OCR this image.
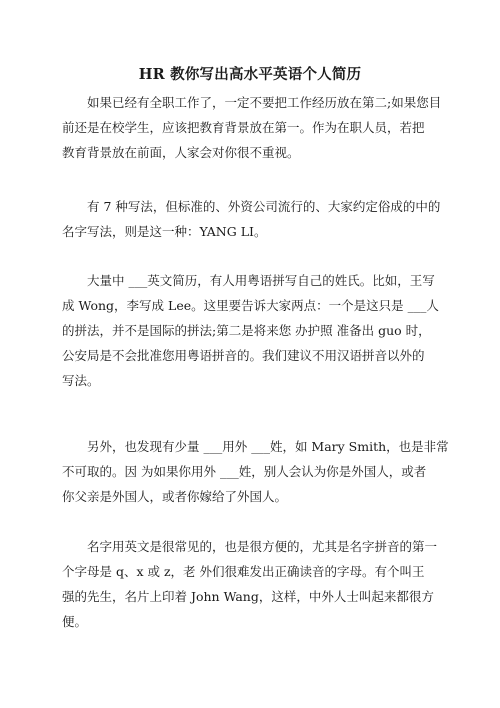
HR 教你写出高水平英语个人简历
　　如果已经有全职工作了，一定不要把工作经历放在第二;如果您目
前还是在校学生，应该把教育背景放在第一。作为在职人员，若把
教育背景放在前面，人家会对你很不重视。
　　有 7 种写法，但标准的、外资公司流行的、大家约定俗成的中的
名字写法，则是这一种：YANG LI。
　　大量中 ___英文简历，有人用粤语拼写自己的姓氏。比如，王写
成 Wong，李写成 Lee。这里要告诉大家两点：一个是这只是 ___人
的拼法，并不是国际的拼法;第二是将来您 办护照 准备出 guo 时，
公安局是不会批准您用粤语拼音的。我们建议不用汉语拼音以外的
写法。
　　另外，也发现有少量 ___用外 ___姓，如 Mary Smith，也是非常
不可取的。因 为如果你用外 ___姓，别人会认为你是外国人，或者
你父亲是外国人，或者你嫁给了外国人。
　　名字用英文是很常见的，也是很方便的，尤其是名字拼音的第一
个字母是 q、x 或 z，老 外们很难发出正确读音的字母。有个叫王
强的先生，名片上印着 John Wang，这样，中外人士叫起来都很方
便。
